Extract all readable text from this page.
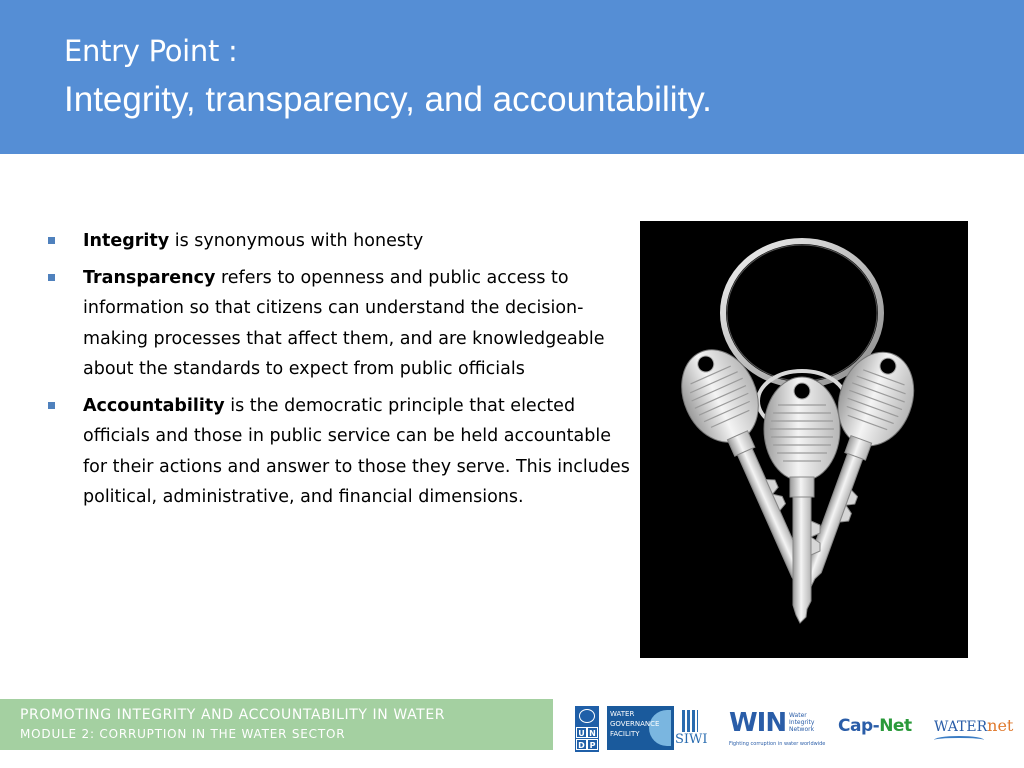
Entry Point :
Integrity, transparency, and accountability.
Integrity is synonymous with honesty
Transparency refers to openness and public access to information so that citizens can understand the decision-making processes that affect them, and are knowledgeable about the standards to expect from public officials
Accountability is the democratic principle that elected officials and those in public service can be held accountable for their actions and answer to those they serve. This includes political, administrative, and financial dimensions.
PROMOTING INTEGRITY AND ACCOUNTABILITY IN WATER
MODULE 2: CORRUPTION IN THE WATER SECTOR	U N
D P
WATER
GOVERNANCE
FACILITY	SIWI
WIN Water
Integrity
Network
Fighting corruption in water worldwide
Cap-Net WATERnet
